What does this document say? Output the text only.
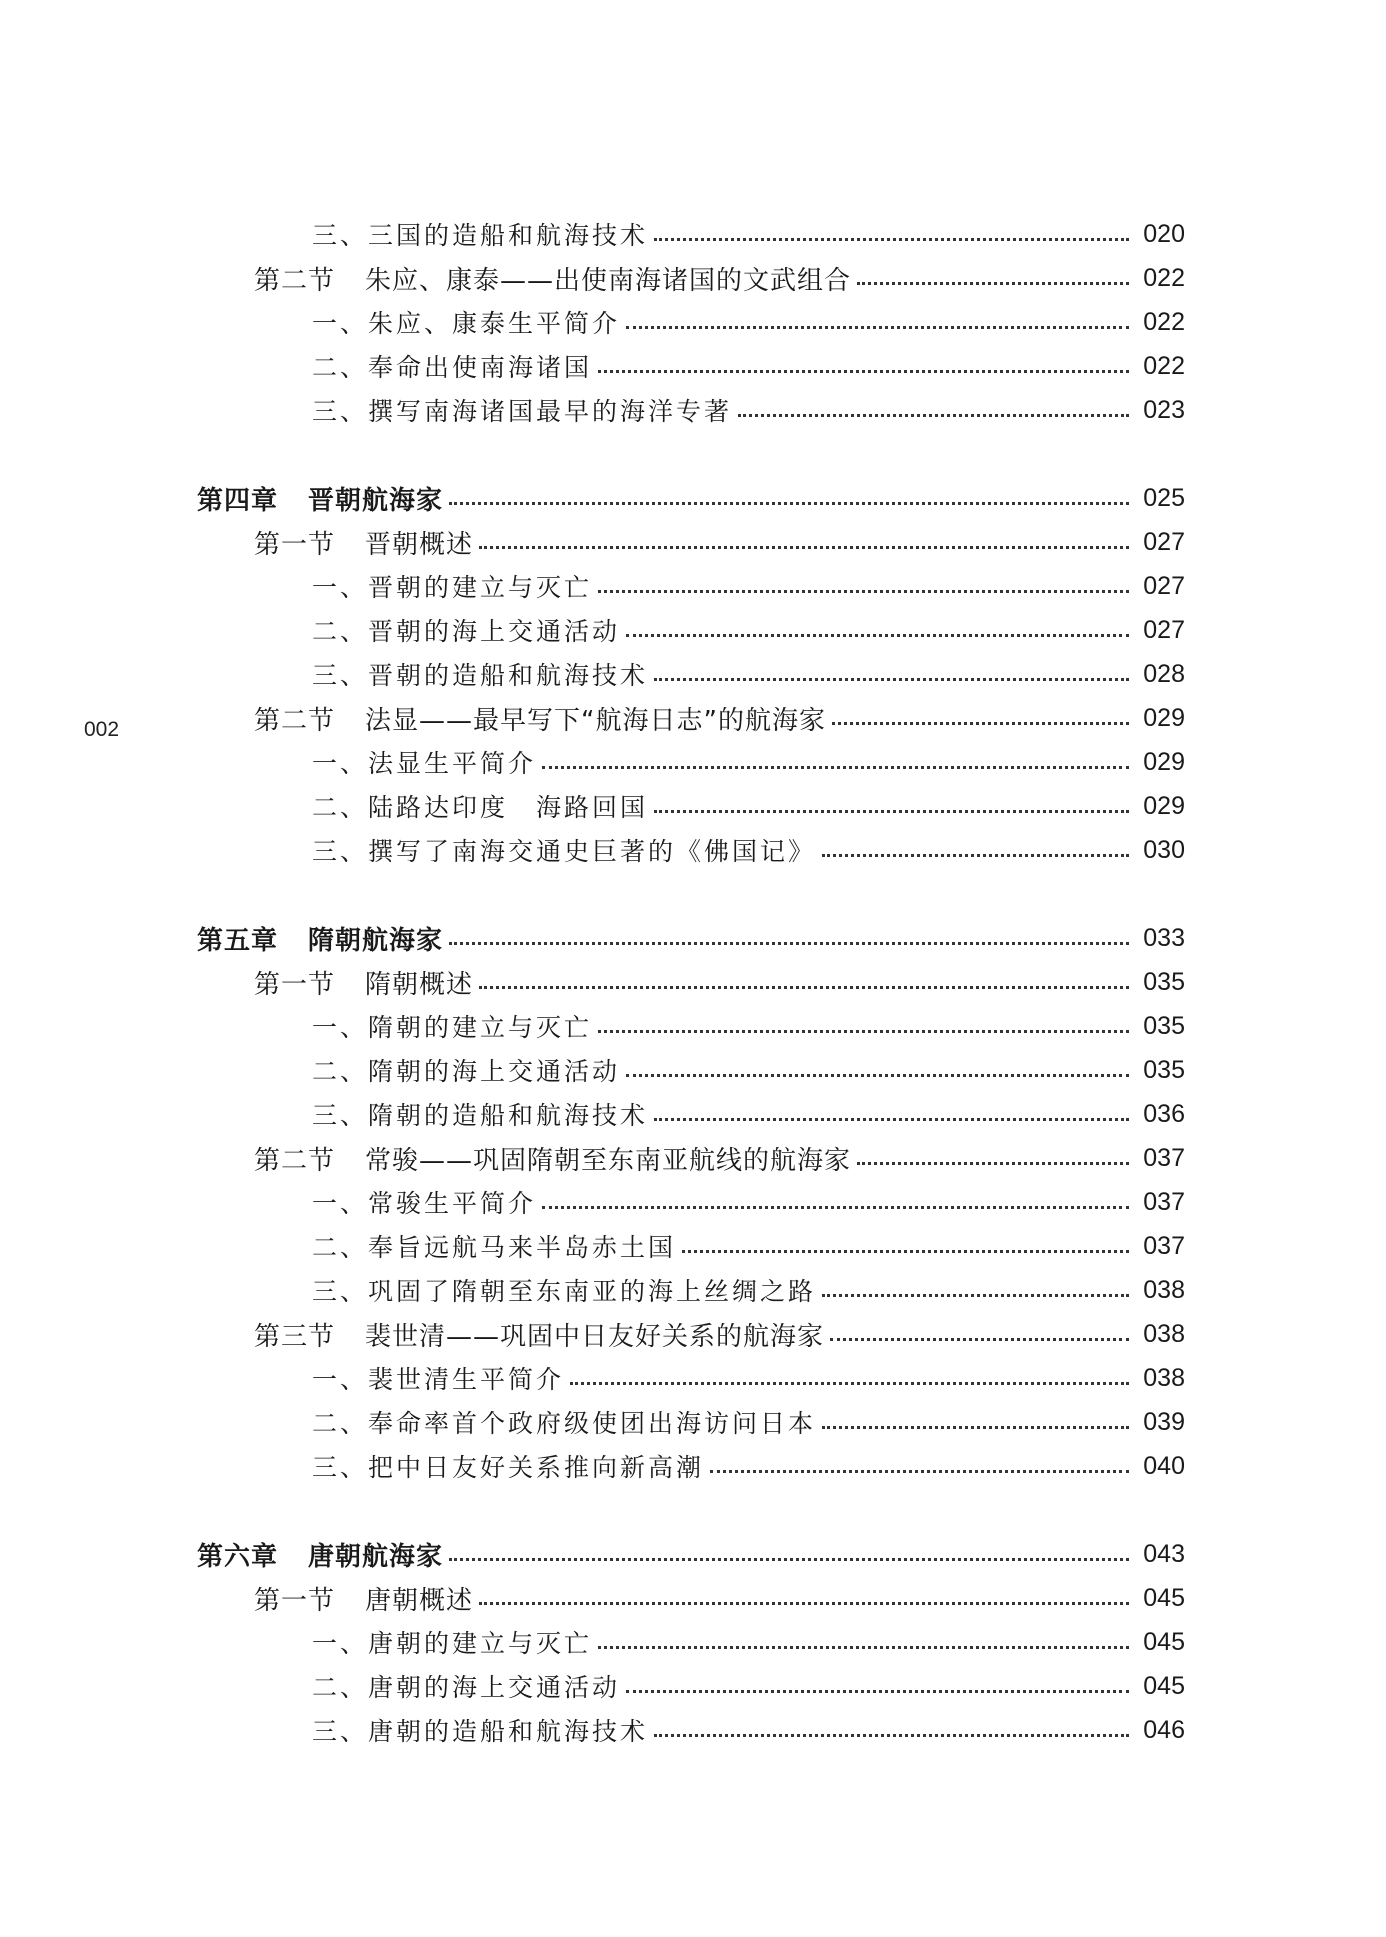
002
三、三国的造船和航海技术	020
第二节 朱应、康泰——出使南海诸国的文武组合	022
一、朱应、康泰生平简介	022
二、奉命出使南海诸国	022
三、撰写南海诸国最早的海洋专著	023
第四章 晋朝航海家	025
第一节 晋朝概述	027
一、晋朝的建立与灭亡	027
二、晋朝的海上交通活动	027
三、晋朝的造船和航海技术	028
第二节 法显——最早写下“航海日志”的航海家	029
一、法显生平简介	029
二、陆路达印度　海路回国	029
三、撰写了南海交通史巨著的《佛国记》	030
第五章 隋朝航海家	033
第一节 隋朝概述	035
一、隋朝的建立与灭亡	035
二、隋朝的海上交通活动	035
三、隋朝的造船和航海技术	036
第二节 常骏——巩固隋朝至东南亚航线的航海家	037
一、常骏生平简介	037
二、奉旨远航马来半岛赤土国	037
三、巩固了隋朝至东南亚的海上丝绸之路	038
第三节 裴世清——巩固中日友好关系的航海家	038
一、裴世清生平简介	038
二、奉命率首个政府级使团出海访问日本	039
三、把中日友好关系推向新高潮	040
第六章 唐朝航海家	043
第一节 唐朝概述	045
一、唐朝的建立与灭亡	045
二、唐朝的海上交通活动	045
三、唐朝的造船和航海技术	046
